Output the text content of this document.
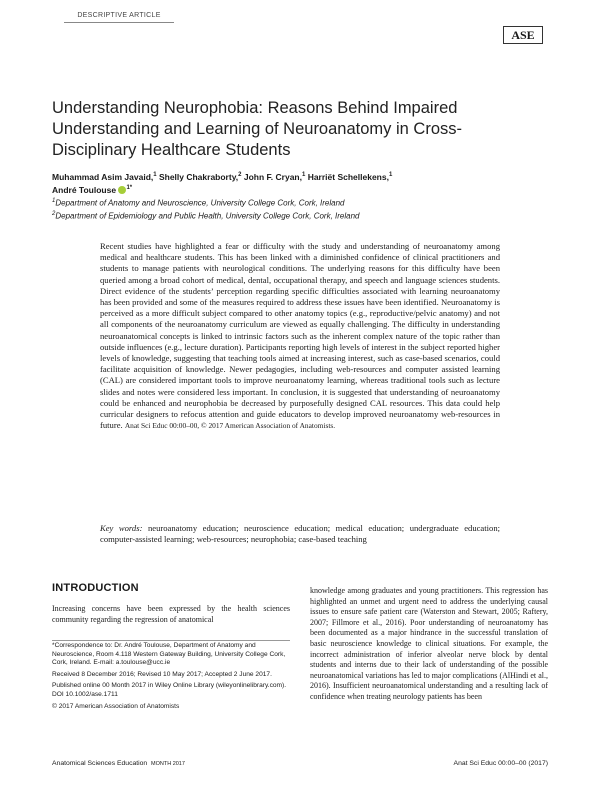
DESCRIPTIVE ARTICLE
ASE
Understanding Neurophobia: Reasons Behind Impaired Understanding and Learning of Neuroanatomy in Cross-Disciplinary Healthcare Students
Muhammad Asim Javaid,$^1$ Shelly Chakraborty,$^2$ John F. Cryan,$^1$ Harriët Schellekens,$^1$
André Toulouse $^{1*}$
$^1$Department of Anatomy and Neuroscience, University College Cork, Cork, Ireland
$^2$Department of Epidemiology and Public Health, University College Cork, Cork, Ireland
Recent studies have highlighted a fear or difficulty with the study and understanding of neuroanatomy among medical and healthcare students. This has been linked with a diminished confidence of clinical practitioners and students to manage patients with neurological conditions. The underlying reasons for this difficulty have been queried among a broad cohort of medical, dental, occupational therapy, and speech and language sciences students. Direct evidence of the students’ perception regarding specific difficulties associated with learning neuroanatomy has been provided and some of the measures required to address these issues have been identified. Neuroanatomy is perceived as a more difficult subject compared to other anatomy topics (e.g., reproductive/pelvic anatomy) and not all components of the neuroanatomy curriculum are viewed as equally challenging. The difficulty in understanding neuroanatomical concepts is linked to intrinsic factors such as the inherent complex nature of the topic rather than outside influences (e.g., lecture duration). Participants reporting high levels of interest in the subject reported higher levels of knowledge, suggesting that teaching tools aimed at increasing interest, such as case-based scenarios, could facilitate acquisition of knowledge. Newer pedagogies, including web-resources and computer assisted learning (CAL) are considered important tools to improve neuroanatomy learning, whereas traditional tools such as lecture slides and notes were considered less important. In conclusion, it is suggested that understanding of neuroanatomy could be enhanced and neurophobia be decreased by purposefully designed CAL resources. This data could help curricular designers to refocus attention and guide educators to develop improved neuroanatomy web-resources in future. Anat Sci Educ 00:00–00, © 2017 American Association of Anatomists.
Key words: neuroanatomy education; neuroscience education; medical education; undergraduate education; computer-assisted learning; web-resources; neurophobia; case-based teaching
INTRODUCTION
Increasing concerns have been expressed by the health sciences community regarding the regression of anatomical

*Correspondence to: Dr. André Toulouse, Department of Anatomy and Neuroscience, Room 4.118 Western Gateway Building, University College Cork, Cork, Ireland. E-mail: a.toulouse@ucc.ie

Received 8 December 2016; Revised 10 May 2017; Accepted 2 June 2017.

Published online 00 Month 2017 in Wiley Online Library (wileyonlinelibrary.com). DOI 10.1002/ase.1711

© 2017 American Association of Anatomists

knowledge among graduates and young practitioners. This regression has highlighted an unmet and urgent need to address the underlying causal issues to ensure safe patient care (Waterston and Stewart, 2005; Raftery, 2007; Fillmore et al., 2016). Poor understanding of neuroanatomy has been documented as a major hindrance in the successful translation of basic neuroscience knowledge to clinical situations. For example, the incorrect administration of inferior alveolar nerve block by dental students and interns due to their lack of understanding of the possible neuroanatomical variations has led to major complications (AlHindi et al., 2016). Insufficient neuroanatomical understanding and a resulting lack of confidence when treating neurology patients has been
Anatomical Sciences Education MONTH 2017	Anat Sci Educ 00:00–00 (2017)
